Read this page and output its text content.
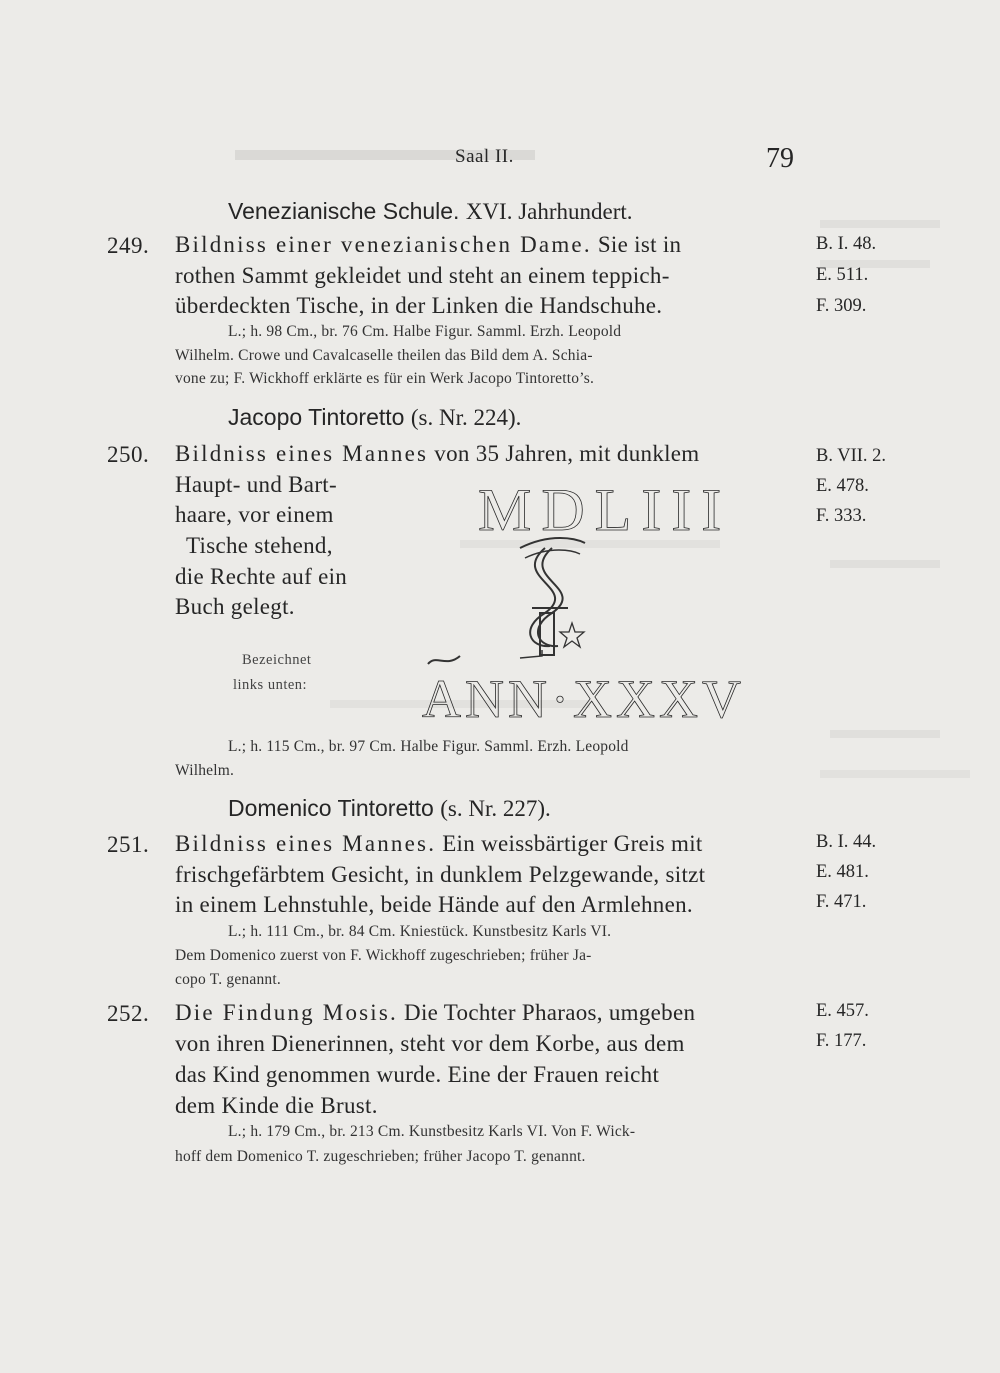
Saal II.	79
Venezianische Schule. XVI. Jahrhundert.
249. Bildniss einer venezianischen Dame. Sie ist in
rothen Sammt gekleidet und steht an einem teppich-
überdeckten Tische, in der Linken die Handschuhe.
L.; h. 98 Cm., br. 76 Cm. Halbe Figur. Samml. Erzh. Leopold
Wilhelm. Crowe und Cavalcaselle theilen das Bild dem A. Schia-
vone zu; F. Wickhoff erklärte es für ein Werk Jacopo Tintoretto’s.
B. I. 48.
E. 511.
F. 309.
Jacopo Tintoretto (s. Nr. 224).
250. Bildniss eines Mannes von 35 Jahren, mit dunklem
Haupt- und Bart-
haare, vor einem
Tische stehend,
die Rechte auf ein
Buch gelegt.
B. VII. 2.
E. 478.
F. 333.
MDLIII
Bezeichnet
links unten: ANN·XXXV
L.; h. 115 Cm., br. 97 Cm. Halbe Figur. Samml. Erzh. Leopold
Wilhelm.
Domenico Tintoretto (s. Nr. 227).
251. Bildniss eines Mannes. Ein weissbärtiger Greis mit
frischgefärbtem Gesicht, in dunklem Pelzgewande, sitzt
in einem Lehnstuhle, beide Hände auf den Armlehnen.
L.; h. 111 Cm., br. 84 Cm. Kniestück. Kunstbesitz Karls VI.
Dem Domenico zuerst von F. Wickhoff zugeschrieben; früher Ja-
copo T. genannt.
B. I. 44.
E. 481.
F. 471.
252. Die Findung Mosis. Die Tochter Pharaos, umgeben
von ihren Dienerinnen, steht vor dem Korbe, aus dem
das Kind genommen wurde. Eine der Frauen reicht
dem Kinde die Brust.
L.; h. 179 Cm., br. 213 Cm. Kunstbesitz Karls VI. Von F. Wick-
hoff dem Domenico T. zugeschrieben; früher Jacopo T. genannt.
E. 457.
F. 177.
